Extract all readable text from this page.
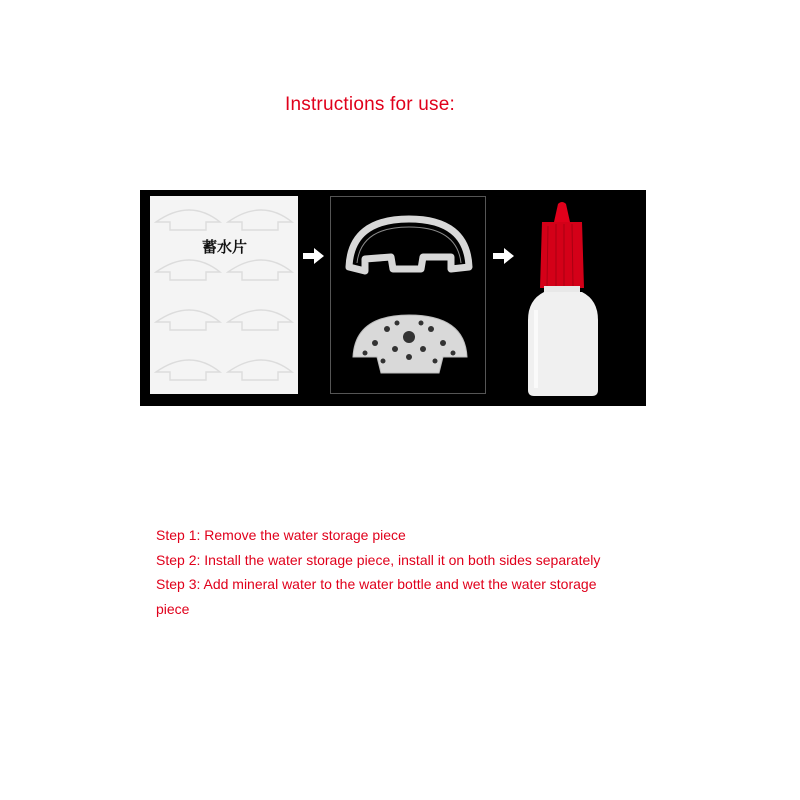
Instructions for use:
蓄水片
Step 1: Remove the water storage piece
Step 2: Install the water storage piece, install it on both sides separately
Step 3: Add mineral water to the water bottle and wet the water storage
piece
